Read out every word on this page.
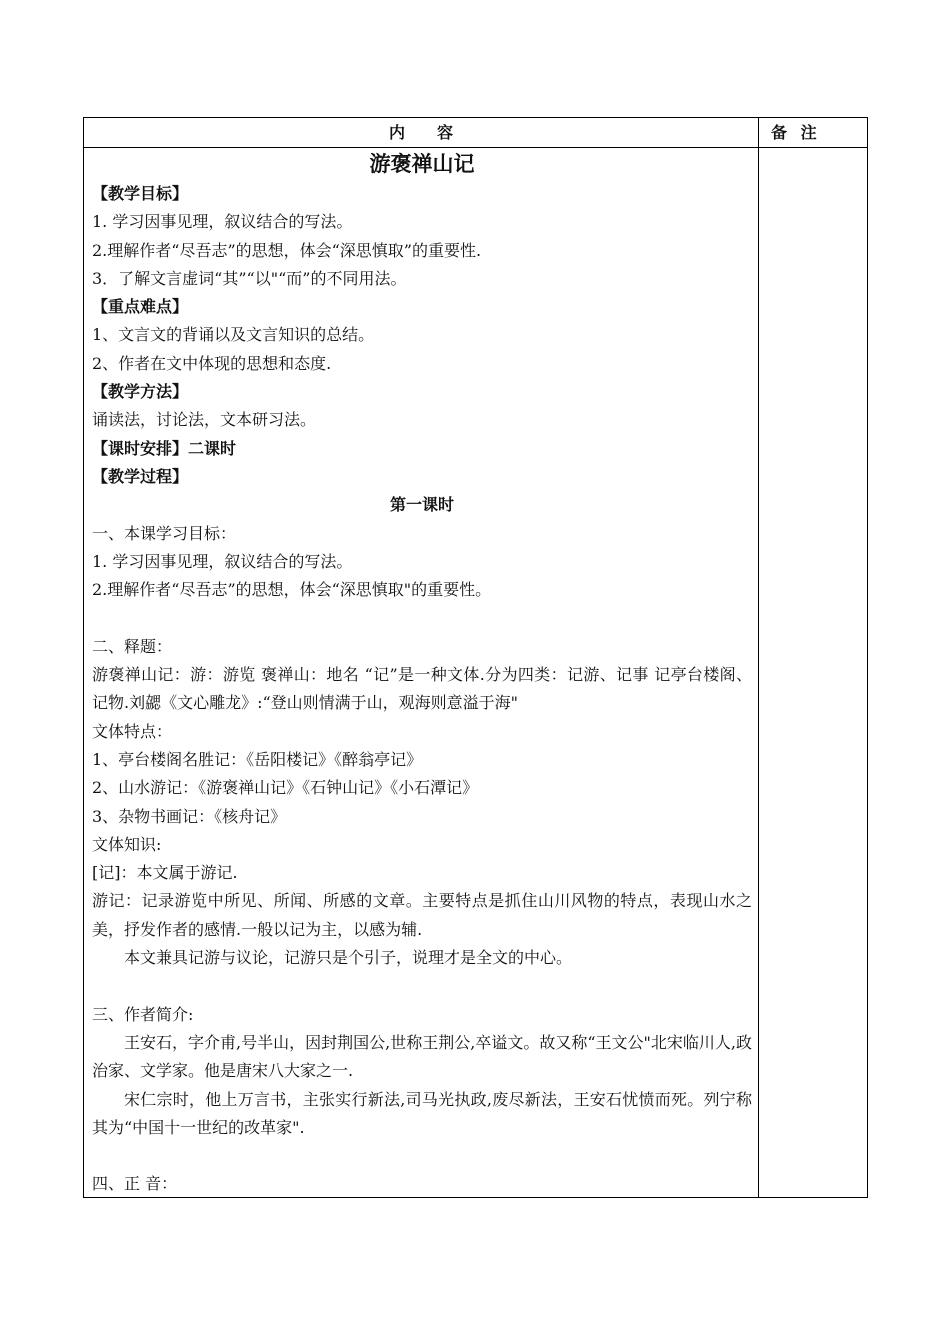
内　　容	备 注
游褒禅山记
【教学目标】
1. 学习因事见理，叙议结合的写法。
2.理解作者“尽吾志”的思想，体会“深思慎取”的重要性.
3．了解文言虚词“其”“以"“而”的不同用法。
【重点难点】
1、文言文的背诵以及文言知识的总结。
2、作者在文中体现的思想和态度.
【教学方法】
诵读法，讨论法，文本研习法。
【课时安排】二课时
【教学过程】
第一课时
一、本课学习目标：
1. 学习因事见理，叙议结合的写法。
2.理解作者“尽吾志”的思想，体会“深思慎取"的重要性。
二、释题：
游褒禅山记：游：游览 褒禅山：地名 “记”是一种文体.分为四类：记游、记事 记亭台楼阁、记物.刘勰《文心雕龙》:“登山则情满于山，观海则意溢于海"
文体特点：
1、亭台楼阁名胜记：《岳阳楼记》《醉翁亭记》
2、山水游记：《游褒禅山记》《石钟山记》《小石潭记》
3、杂物书画记：《核舟记》
文体知识:
[记]：本文属于游记.
游记：记录游览中所见、所闻、所感的文章。主要特点是抓住山川风物的特点，表现山水之美，抒发作者的感情.一般以记为主，以感为辅.
本文兼具记游与议论，记游只是个引子，说理才是全文的中心。
三、作者简介:
王安石，字介甫,号半山，因封荆国公,世称王荆公,卒谥文。故又称“王文公"北宋临川人,政治家、文学家。他是唐宋八大家之一.
宋仁宗时，他上万言书，主张实行新法,司马光执政,废尽新法，王安石忧愤而死。列宁称其为“中国十一世纪的改革家".
四、正 音：
